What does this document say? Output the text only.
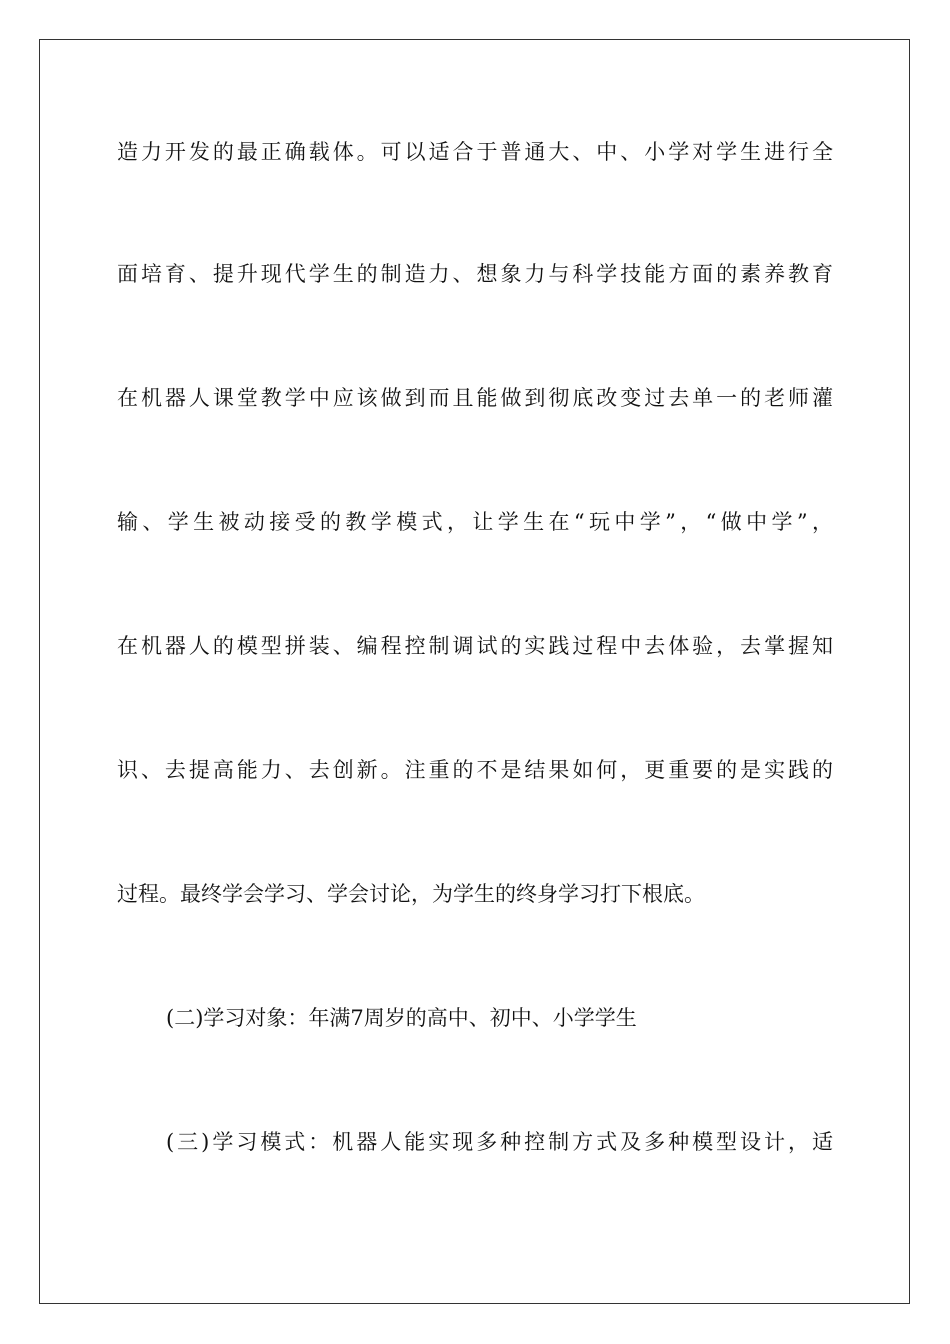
造力开发的最正确载体。可以适合于普通大、中、小学对学生进行全
面培育、提升现代学生的制造力、想象力与科学技能方面的素养教育
在机器人课堂教学中应该做到而且能做到彻底改变过去单一的老师灌
输、学生被动接受的教学模式，让学生在“玩中学”，“做中学”，
在机器人的模型拼装、编程控制调试的实践过程中去体验，去掌握知
识、去提高能力、去创新。注重的不是结果如何，更重要的是实践的
过程。最终学会学习、学会讨论，为学生的终身学习打下根底。
(二)学习对象：年满7周岁的高中、初中、小学学生
(三)学习模式：机器人能实现多种控制方式及多种模型设计，适
